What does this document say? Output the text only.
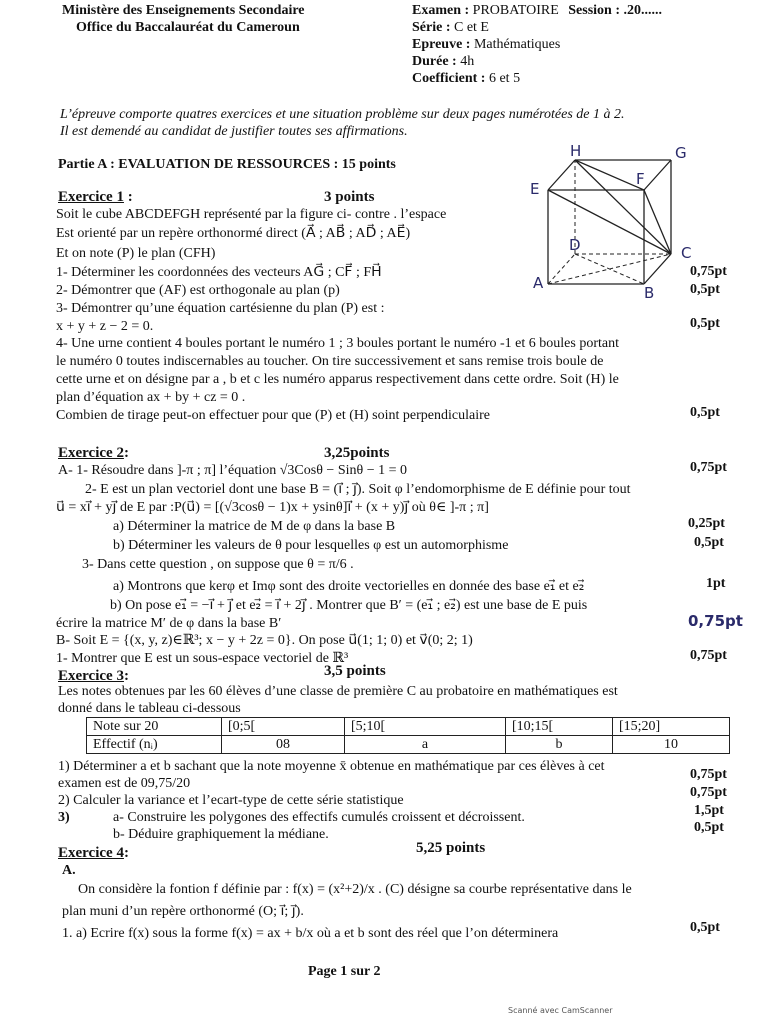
Ministère des Enseignements Secondaire
Office du Baccalauréat du Cameroun
Examen : PROBATOIRE Session : .20......
Série : C et E
Epreuve : Mathématiques
Durée : 4h
Coefficient : 6 et 5
L’épreuve comporte quatres exercices et une situation problème sur deux pages numérotées de 1 à 2.
Il est demendé au candidat de justifier toutes ses affirmations.
Partie A : EVALUATION DE RESSOURCES : 15 points
H	G
E
F
D	C
A
B
Exercice 1 :	3 points
Soit le cube ABCDEFGH représenté par la figure ci- contre . l’espace
Est orienté par un repère orthonormé direct (A⃗ ; AB⃗ ; AD⃗ ; AE⃗)
Et on note (P) le plan (CFH)
1- Déterminer les coordonnées des vecteurs AG⃗ ; CF⃗ ; FH⃗	0,75pt
2- Démontrer que (AF) est orthogonale au plan (p)	0,5pt
3- Démontrer qu’une équation cartésienne du plan (P) est :
x + y + z − 2 = 0.	0,5pt
4- Une urne contient 4 boules portant le numéro 1 ; 3 boules portant le numéro -1 et 6 boules portant
le numéro 0 toutes indiscernables au toucher. On tire successivement et sans remise trois boule de
cette urne et on désigne par a , b et c les numéro apparus respectivement dans cette ordre. Soit (H) le
plan d’équation ax + by + cz = 0 .
Combien de tirage peut-on effectuer pour que (P) et (H) soint perpendiculaire	0,5pt
Exercice 2:	3,25points
A- 1- Résoudre dans ]-π ; π] l’équation √3Cosθ − Sinθ − 1 = 0	0,75pt
2- E est un plan vectoriel dont une base B = (i⃗ ; j⃗). Soit φ l’endomorphisme de E définie pour tout
u⃗ = xi⃗ + yj⃗ de E par :P(u⃗) = [(√3cosθ − 1)x + ysinθ]i⃗ + (x + y)j⃗ où θ∈ ]-π ; π]
a) Déterminer la matrice de M de φ dans la base B	0,25pt
b) Déterminer les valeurs de θ pour lesquelles φ est un automorphisme	0,5pt
3- Dans cette question , on suppose que θ = π/6 .
a) Montrons que kerφ et Imφ sont des droite vectorielles en donnée des base e₁⃗ et e₂⃗	1pt
b) On pose e₁⃗ = −i⃗ + j⃗ et e₂⃗ = i⃗ + 2j⃗ . Montrer que B′ = (e₁⃗ ; e₂⃗) est une base de E puis
écrire la matrice M′ de φ dans la base B′	0,75pt
B- Soit E = {(x, y, z)∈ℝ³; x − y + 2z = 0}. On pose u⃗(1; 1; 0) et v⃗(0; 2; 1)
1- Montrer que E est un sous-espace vectoriel de ℝ³	0,75pt
Exercice 3:	3,5 points
Les notes obtenues par les 60 élèves d’une classe de première C au probatoire en mathématiques est
donné dans le tableau ci-dessous
Note sur 20	[0;5[	[5;10[	[10;15[	[15;20]
Effectif (nᵢ)	08	a	b	10
1) Déterminer a et b sachant que la note moyenne x̄ obtenue en mathématique par ces élèves à cet
examen est de 09,75/20
0,75pt
2) Calculer la variance et l’ecart-type de cette série statistique
0,75pt
3)	a- Construire les polygones des effectifs cumulés croissent et décroissent.	1,5pt
b- Déduire graphiquement la médiane.	0,5pt
Exercice 4:	5,25 points
A.
On considère la fontion f définie par : f(x) = (x²+2)/x . (C) désigne sa courbe représentative dans le
plan muni d’un repère orthonormé (O; i⃗; j⃗).
1. a) Ecrire f(x) sous la forme f(x) = ax + b/x où a et b sont des réel que l’on déterminera	0,5pt
Page 1 sur 2
Scanné avec CamScanner
